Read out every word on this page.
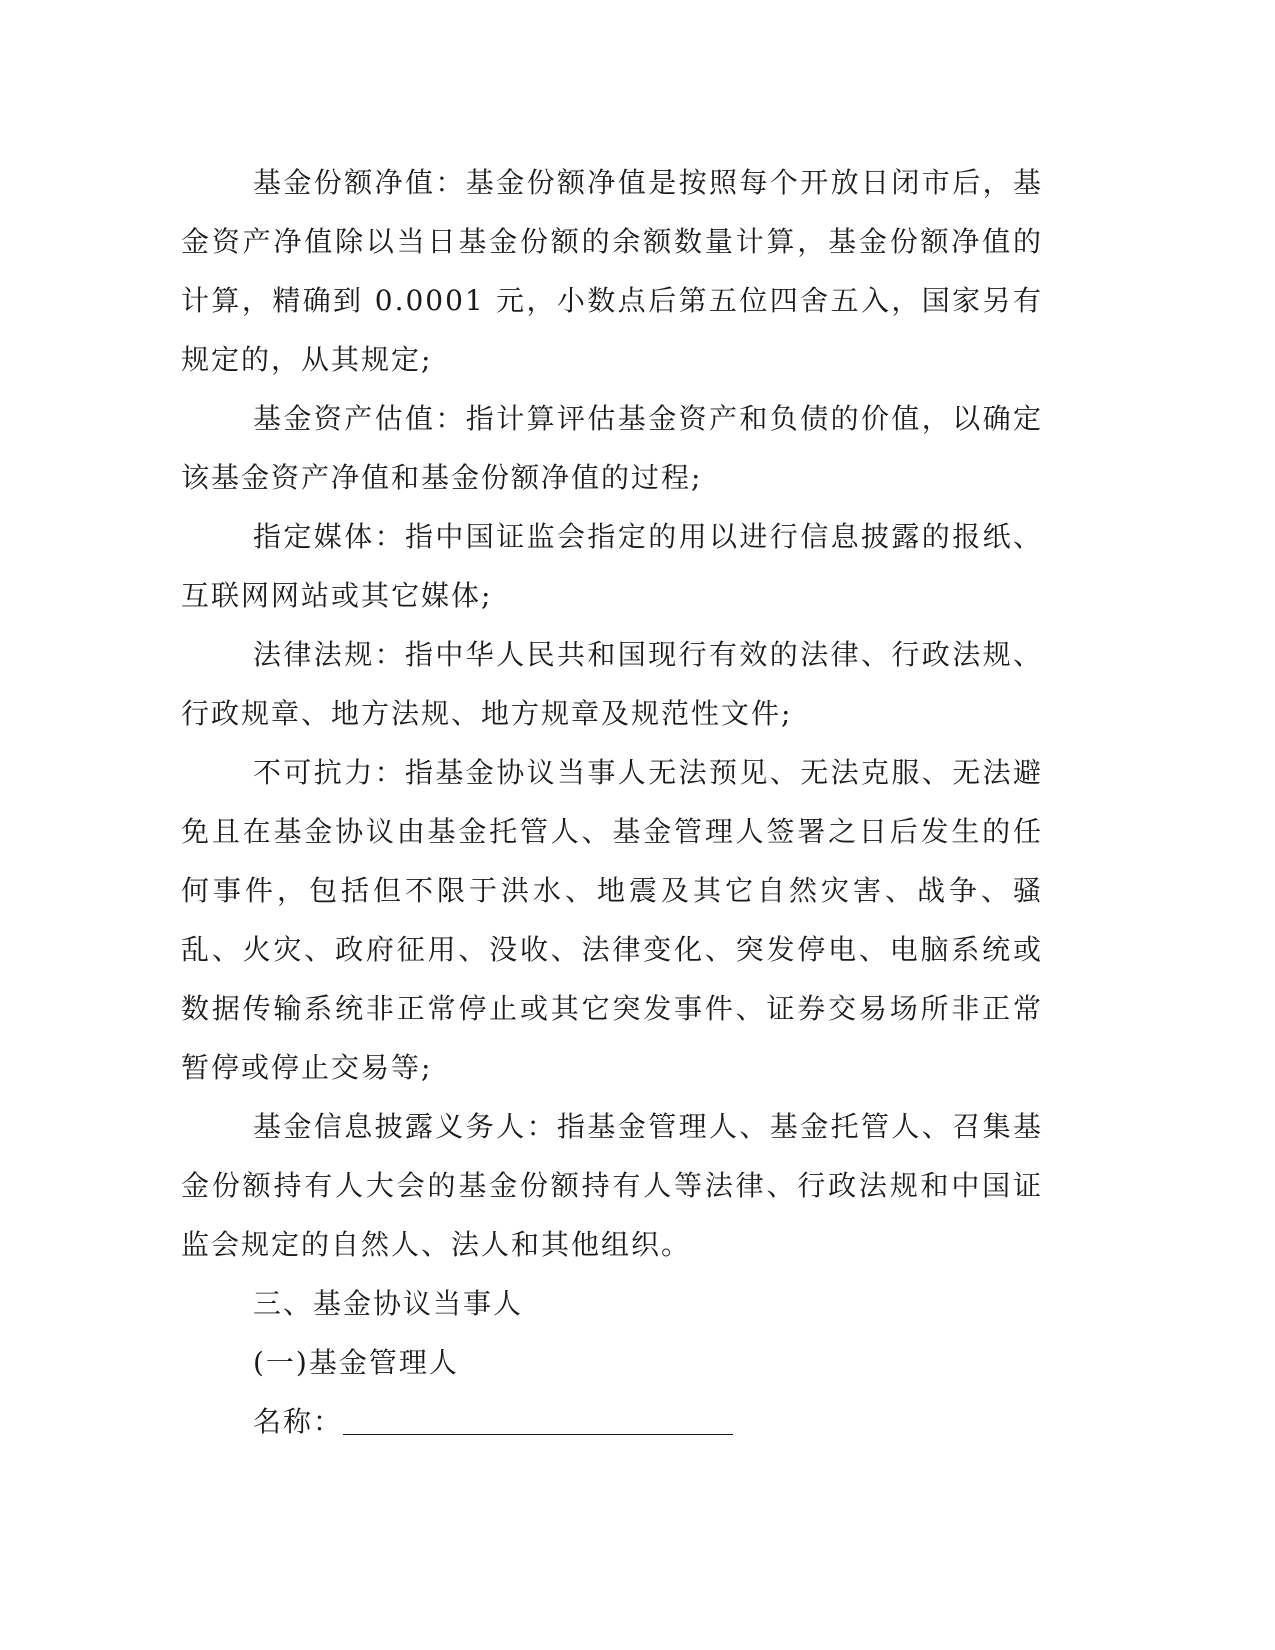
基金份额净值：基金份额净值是按照每个开放日闭市后，基金资产净值除以当日基金份额的余额数量计算，基金份额净值的计算，精确到 0.0001 元，小数点后第五位四舍五入，国家另有规定的，从其规定;

基金资产估值：指计算评估基金资产和负债的价值，以确定该基金资产净值和基金份额净值的过程;

指定媒体：指中国证监会指定的用以进行信息披露的报纸、互联网网站或其它媒体;

法律法规：指中华人民共和国现行有效的法律、行政法规、行政规章、地方法规、地方规章及规范性文件;

不可抗力：指基金协议当事人无法预见、无法克服、无法避免且在基金协议由基金托管人、基金管理人签署之日后发生的任何事件，包括但不限于洪水、地震及其它自然灾害、战争、骚乱、火灾、政府征用、没收、法律变化、突发停电、电脑系统或数据传输系统非正常停止或其它突发事件、证券交易场所非正常暂停或停止交易等;

基金信息披露义务人：指基金管理人、基金托管人、召集基金份额持有人大会的基金份额持有人等法律、行政法规和中国证监会规定的自然人、法人和其他组织。

三、基金协议当事人

(一)基金管理人

名称：
